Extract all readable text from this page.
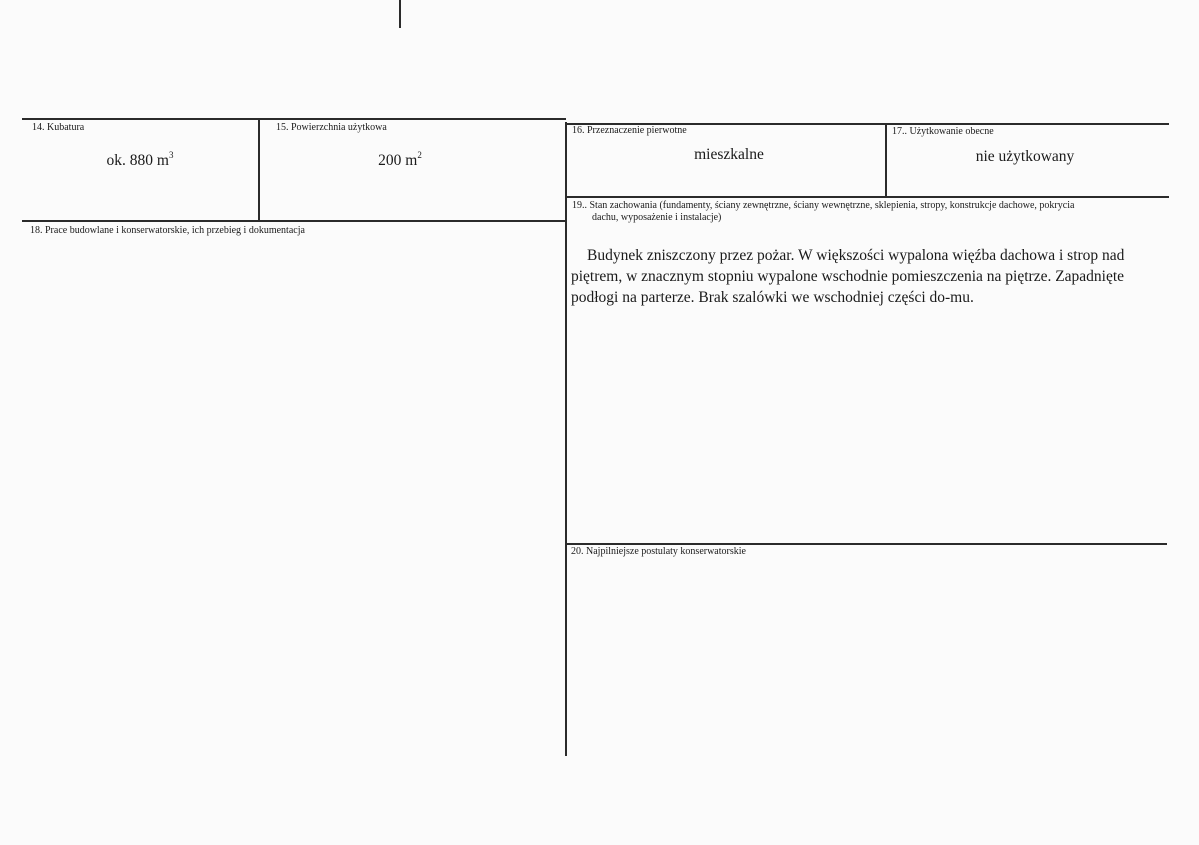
14. Kubatura
ok. 880 $m^3$
15. Powierzchnia użytkowa
200 $m^2$
16. Przeznaczenie pierwotne
mieszkalne
17.. Użytkowanie obecne
nie użytkowany
18. Prace budowlane i konserwatorskie, ich przebieg i dokumentacja
19.. Stan zachowania (fundamenty, ściany zewnętrzne, ściany wewnętrzne, sklepienia, stropy, konstrukcje dachowe, pokrycia
dachu, wyposażenie i instalacje)
Budynek zniszczony przez pożar. W większości wypalona więźba dachowa i strop nad piętrem, w znacznym stopniu wypalone wschodnie pomieszczenia na piętrze. Zapadnięte podłogi na parterze. Brak szalówki we wschodniej części do-mu.
20. Najpilniejsze postulaty konserwatorskie
